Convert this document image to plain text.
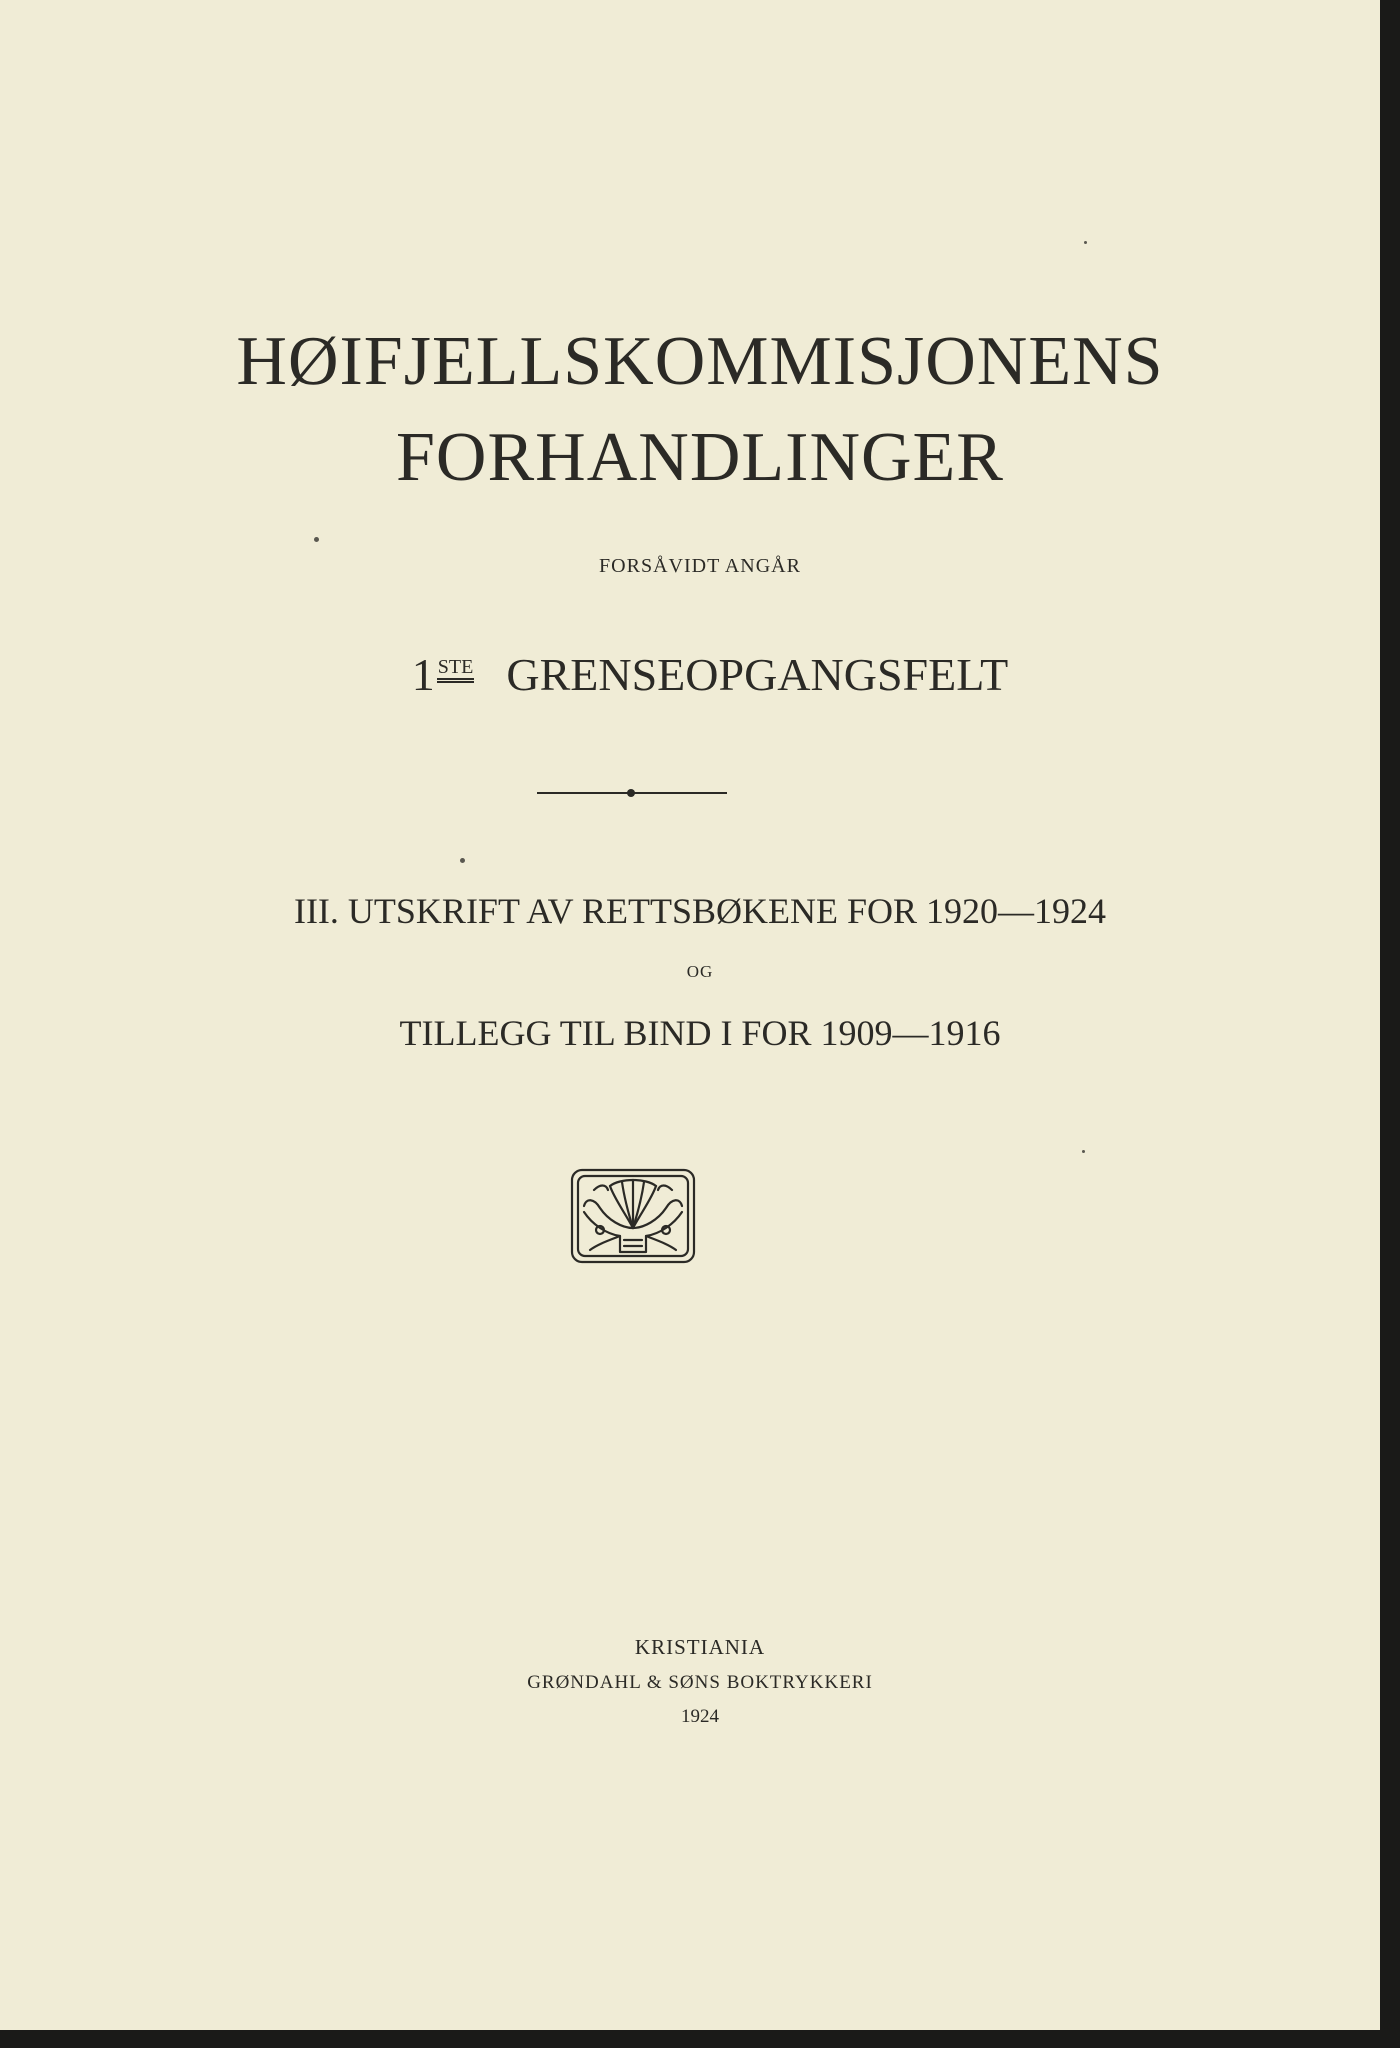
HØIFJELLSKOMMISJONENS
FORHANDLINGER
FORSÅVIDT ANGÅR
1 STE GRENSEOPGANGSFELT
III. UTSKRIFT AV RETTSBØKENE FOR 1920—1924
OG
TILLEGG TIL BIND I FOR 1909—1916
KRISTIANIA
GRØNDAHL & SØNS BOKTRYKKERI
1924
